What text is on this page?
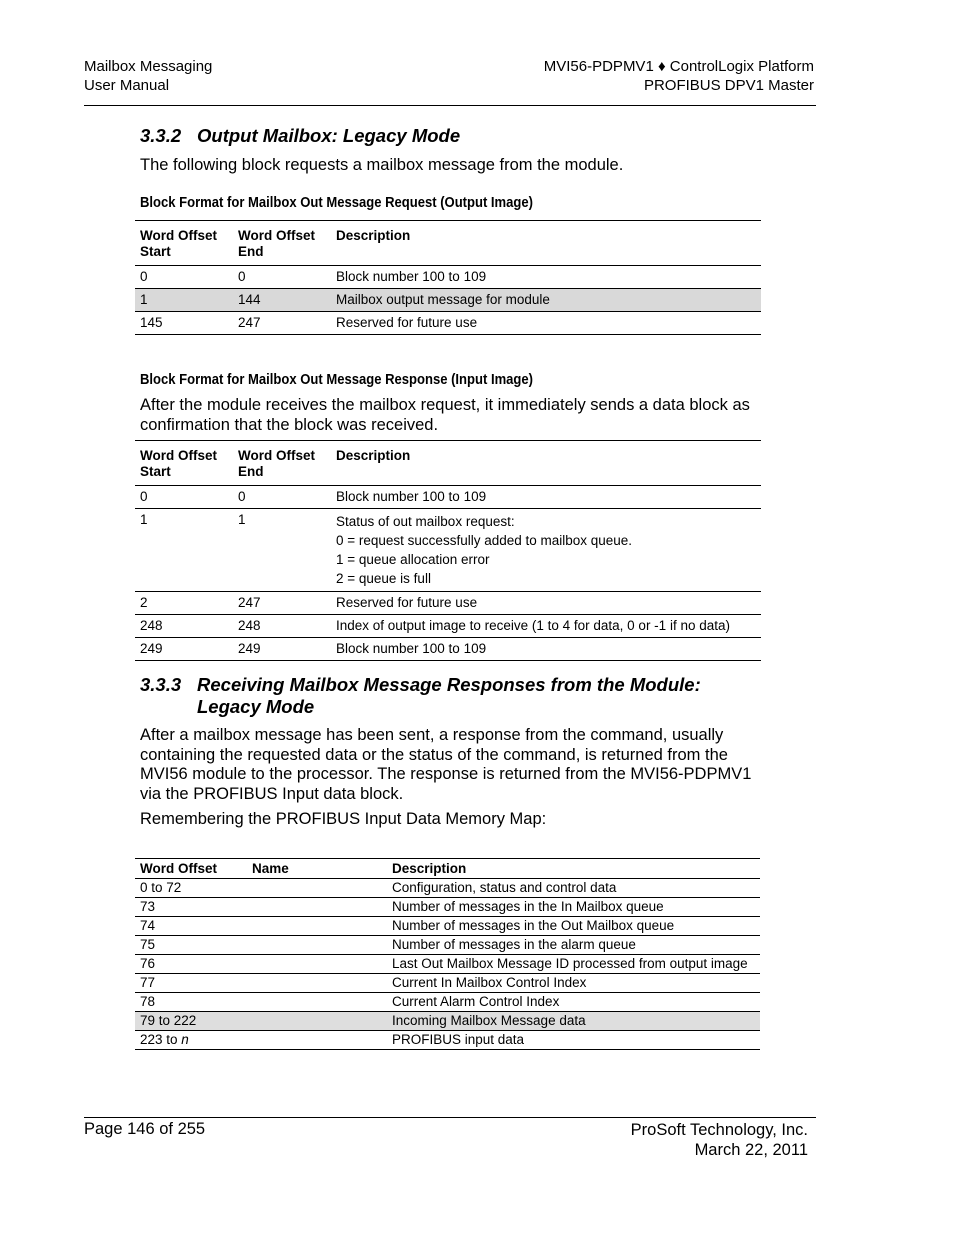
Mailbox Messaging
User Manual
MVI56-PDPMV1 ♦ ControlLogix Platform
PROFIBUS DPV1 Master
3.3.2 Output Mailbox: Legacy Mode
The following block requests a mailbox message from the module.
Block Format for Mailbox Out Message Request (Output Image)
Word Offset Start	Word Offset End	Description
0	0	Block number 100 to 109
1	144	Mailbox output message for module
145	247	Reserved for future use
Block Format for Mailbox Out Message Response (Input Image)
After the module receives the mailbox request, it immediately sends a data block as confirmation that the block was received.
Word Offset Start	Word Offset End	Description
0	0	Block number 100 to 109
1	1	Status of out mailbox request:
0 = request successfully added to mailbox queue.
1 = queue allocation error
2 = queue is full

2	247	Reserved for future use
248	248	Index of output image to receive (1 to 4 for data, 0 or -1 if no data)
249	249	Block number 100 to 109
3.3.3 Receiving Mailbox Message Responses from the Module:
Legacy Mode
After a mailbox message has been sent, a response from the command, usually containing the requested data or the status of the command, is returned from the MVI56 module to the processor. The response is returned from the MVI56-PDPMV1 via the PROFIBUS Input data block.
Remembering the PROFIBUS Input Data Memory Map:
Word Offset	Name	Description
0 to 72		Configuration, status and control data
73		Number of messages in the In Mailbox queue
74		Number of messages in the Out Mailbox queue
75		Number of messages in the alarm queue
76		Last Out Mailbox Message ID processed from output image
77		Current In Mailbox Control Index
78		Current Alarm Control Index
79 to 222		Incoming Mailbox Message data
223 to n		PROFIBUS input data
Page 146 of 255	ProSoft Technology, Inc.
March 22, 2011
